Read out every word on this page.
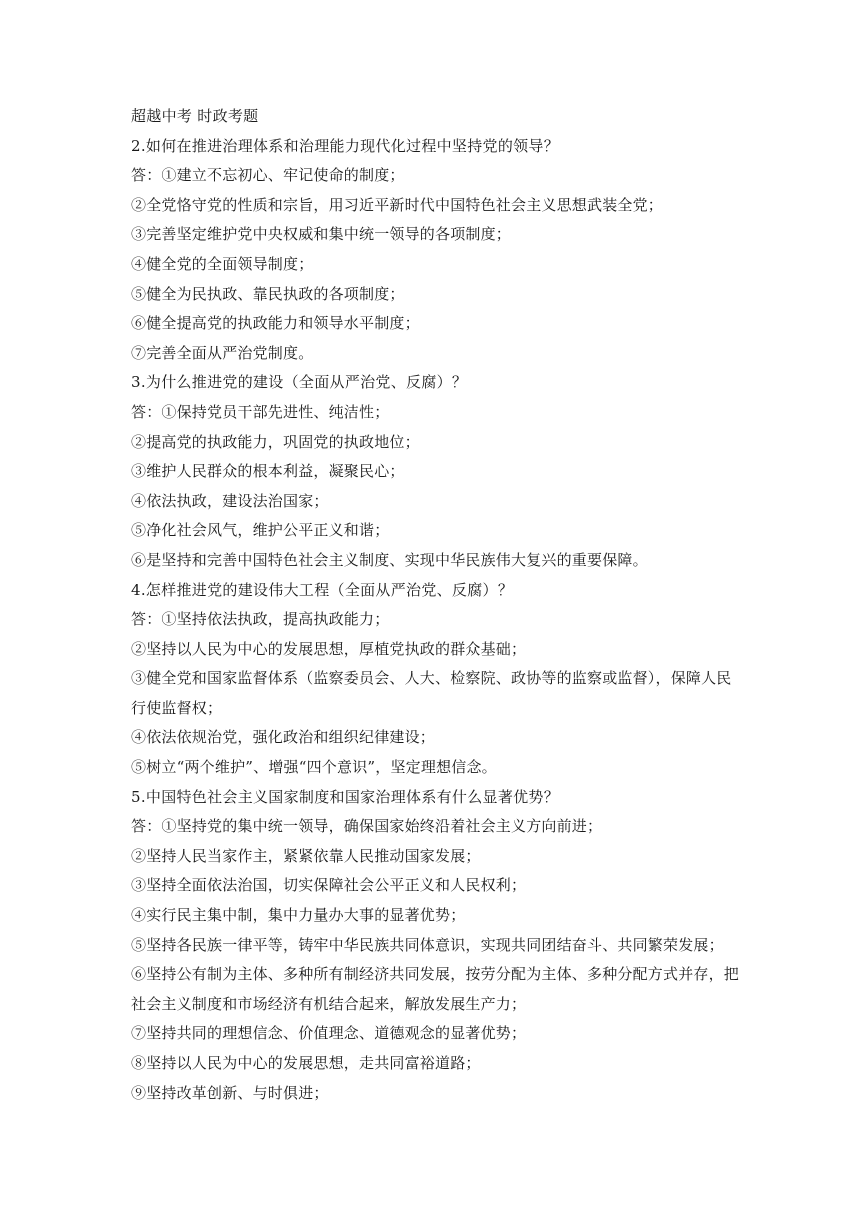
超越中考 时政考题
2.如何在推进治理体系和治理能力现代化过程中坚持党的领导？
答：①建立不忘初心、牢记使命的制度；
②全党恪守党的性质和宗旨，用习近平新时代中国特色社会主义思想武装全党；
③完善坚定维护党中央权威和集中统一领导的各项制度；
④健全党的全面领导制度；
⑤健全为民执政、靠民执政的各项制度；
⑥健全提高党的执政能力和领导水平制度；
⑦完善全面从严治党制度。
3.为什么推进党的建设（全面从严治党、反腐）？
答：①保持党员干部先进性、纯洁性；
②提高党的执政能力，巩固党的执政地位；
③维护人民群众的根本利益，凝聚民心；
④依法执政，建设法治国家；
⑤净化社会风气，维护公平正义和谐；
⑥是坚持和完善中国特色社会主义制度、实现中华民族伟大复兴的重要保障。
4.怎样推进党的建设伟大工程（全面从严治党、反腐）？
答：①坚持依法执政，提高执政能力；
②坚持以人民为中心的发展思想，厚植党执政的群众基础；
③健全党和国家监督体系（监察委员会、人大、检察院、政协等的监察或监督），保障人民
行使监督权；
④依法依规治党，强化政治和组织纪律建设；
⑤树立“两个维护”、增强“四个意识”，坚定理想信念。
5.中国特色社会主义国家制度和国家治理体系有什么显著优势？
答：①坚持党的集中统一领导，确保国家始终沿着社会主义方向前进；
②坚持人民当家作主，紧紧依靠人民推动国家发展；
③坚持全面依法治国，切实保障社会公平正义和人民权利；
④实行民主集中制，集中力量办大事的显著优势；
⑤坚持各民族一律平等，铸牢中华民族共同体意识，实现共同团结奋斗、共同繁荣发展；
⑥坚持公有制为主体、多种所有制经济共同发展，按劳分配为主体、多种分配方式并存，把
社会主义制度和市场经济有机结合起来，解放发展生产力；
⑦坚持共同的理想信念、价值理念、道德观念的显著优势；
⑧坚持以人民为中心的发展思想，走共同富裕道路；
⑨坚持改革创新、与时俱进；
